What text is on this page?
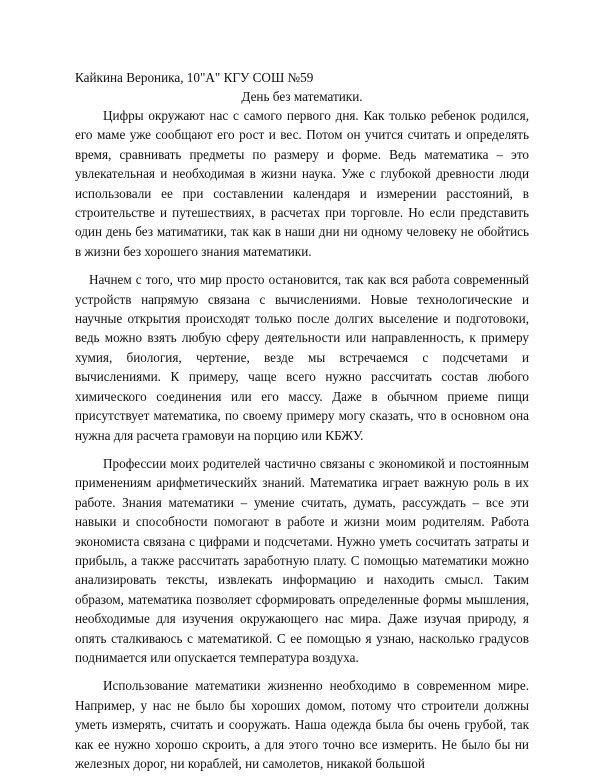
Кайкина Вероника, 10"А" КГУ СОШ №59

День без математики.

Цифры окружают нас с самого первого дня. Как только ребенок родился, его маме уже сообщают его рост и вес. Потом он учится считать и определять время, сравнивать предметы по размеру и форме. Ведь математика – это увлекательная и необходимая в жизни наука. Уже с глубокой древности люди использовали ее при составлении календаря и измерении расстояний, в строительстве и путешествиях, в расчетах при торговле. Но если представить один день без матиматики, так как в наши дни ни одному человеку не обойтись в жизни без хорошего знания математики.

Начнем с того, что мир просто остановится, так как вся работа современный устройств напрямую связана с вычислениями. Новые технологические и научные открытия происходят только после долгих выселение и подготовоки, ведь можно взять любую сферу деятельности или направленность, к примеру хумия, биология, чертение, везде мы встречаемся с подсчетами и вычислениями. К примеру, чаще всего нужно рассчитать состав любого химического соединения или его массу. Даже в обычном приеме пищи присутствует математика, по своему примеру могу сказать, что в основном она нужна для расчета грамовуи на порцию или КБЖУ.

Профессии моих родителей частично связаны с экономикой и постоянным применениям арифметическийх знаний. Математика играет важную роль в их работе. Знания математики – умение считать, думать, рассуждать – все эти навыки и способности помогают в работе и жизни моим родителям. Работа экономиста связана с цифрами и подсчетами. Нужно уметь сосчитать затраты и прибыль, а также рассчитать заработную плату. С помощью математики можно анализировать тексты, извлекать информацию и находить смысл. Таким образом, математика позволяет сформировать определенные формы мышления, необходимые для изучения окружающего нас мира. Даже изучая природу, я опять сталкиваюсь с математикой. С ее помощью я узнаю, насколько градусов поднимается или опускается температура воздуха.

Использование математики жизненно необходимо в современном мире. Например, у нас не было бы хороших домом, потому что строители должны уметь измерять, считать и сооружать. Наша одежда была бы очень грубой, так как ее нужно хорошо скроить, а для этого точно все измерить. Не было бы ни железных дорог, ни кораблей, ни самолетов, никакой большой
